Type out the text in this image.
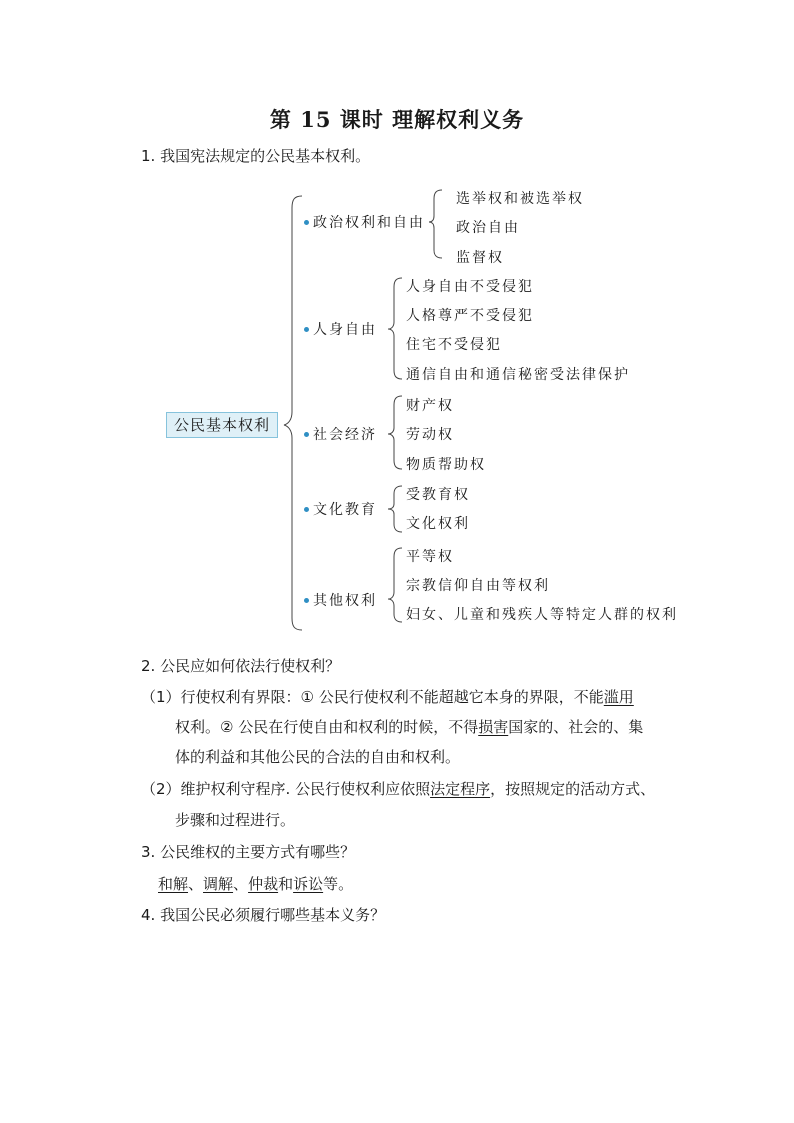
第 15 课时 理解权利义务
1. 我国宪法规定的公民基本权利。
公民基本权利
政治权利和自由
选举权和被选举权
政治自由
监督权
人身自由
人身自由不受侵犯
人格尊严不受侵犯
住宅不受侵犯
通信自由和通信秘密受法律保护
社会经济
财产权
劳动权
物质帮助权
文化教育
受教育权
文化权利
其他权利
平等权
宗教信仰自由等权利
妇女、儿童和残疾人等特定人群的权利
2. 公民应如何依法行使权利？
（1）行使权利有界限：① 公民行使权利不能超越它本身的界限，不能滥用
权利。② 公民在行使自由和权利的时候，不得损害国家的、社会的、集
体的利益和其他公民的合法的自由和权利。
（2）维护权利守程序. 公民行使权利应依照法定程序，按照规定的活动方式、
步骤和过程进行。
3. 公民维权的主要方式有哪些？
和解、调解、仲裁和诉讼等。
4. 我国公民必须履行哪些基本义务？
